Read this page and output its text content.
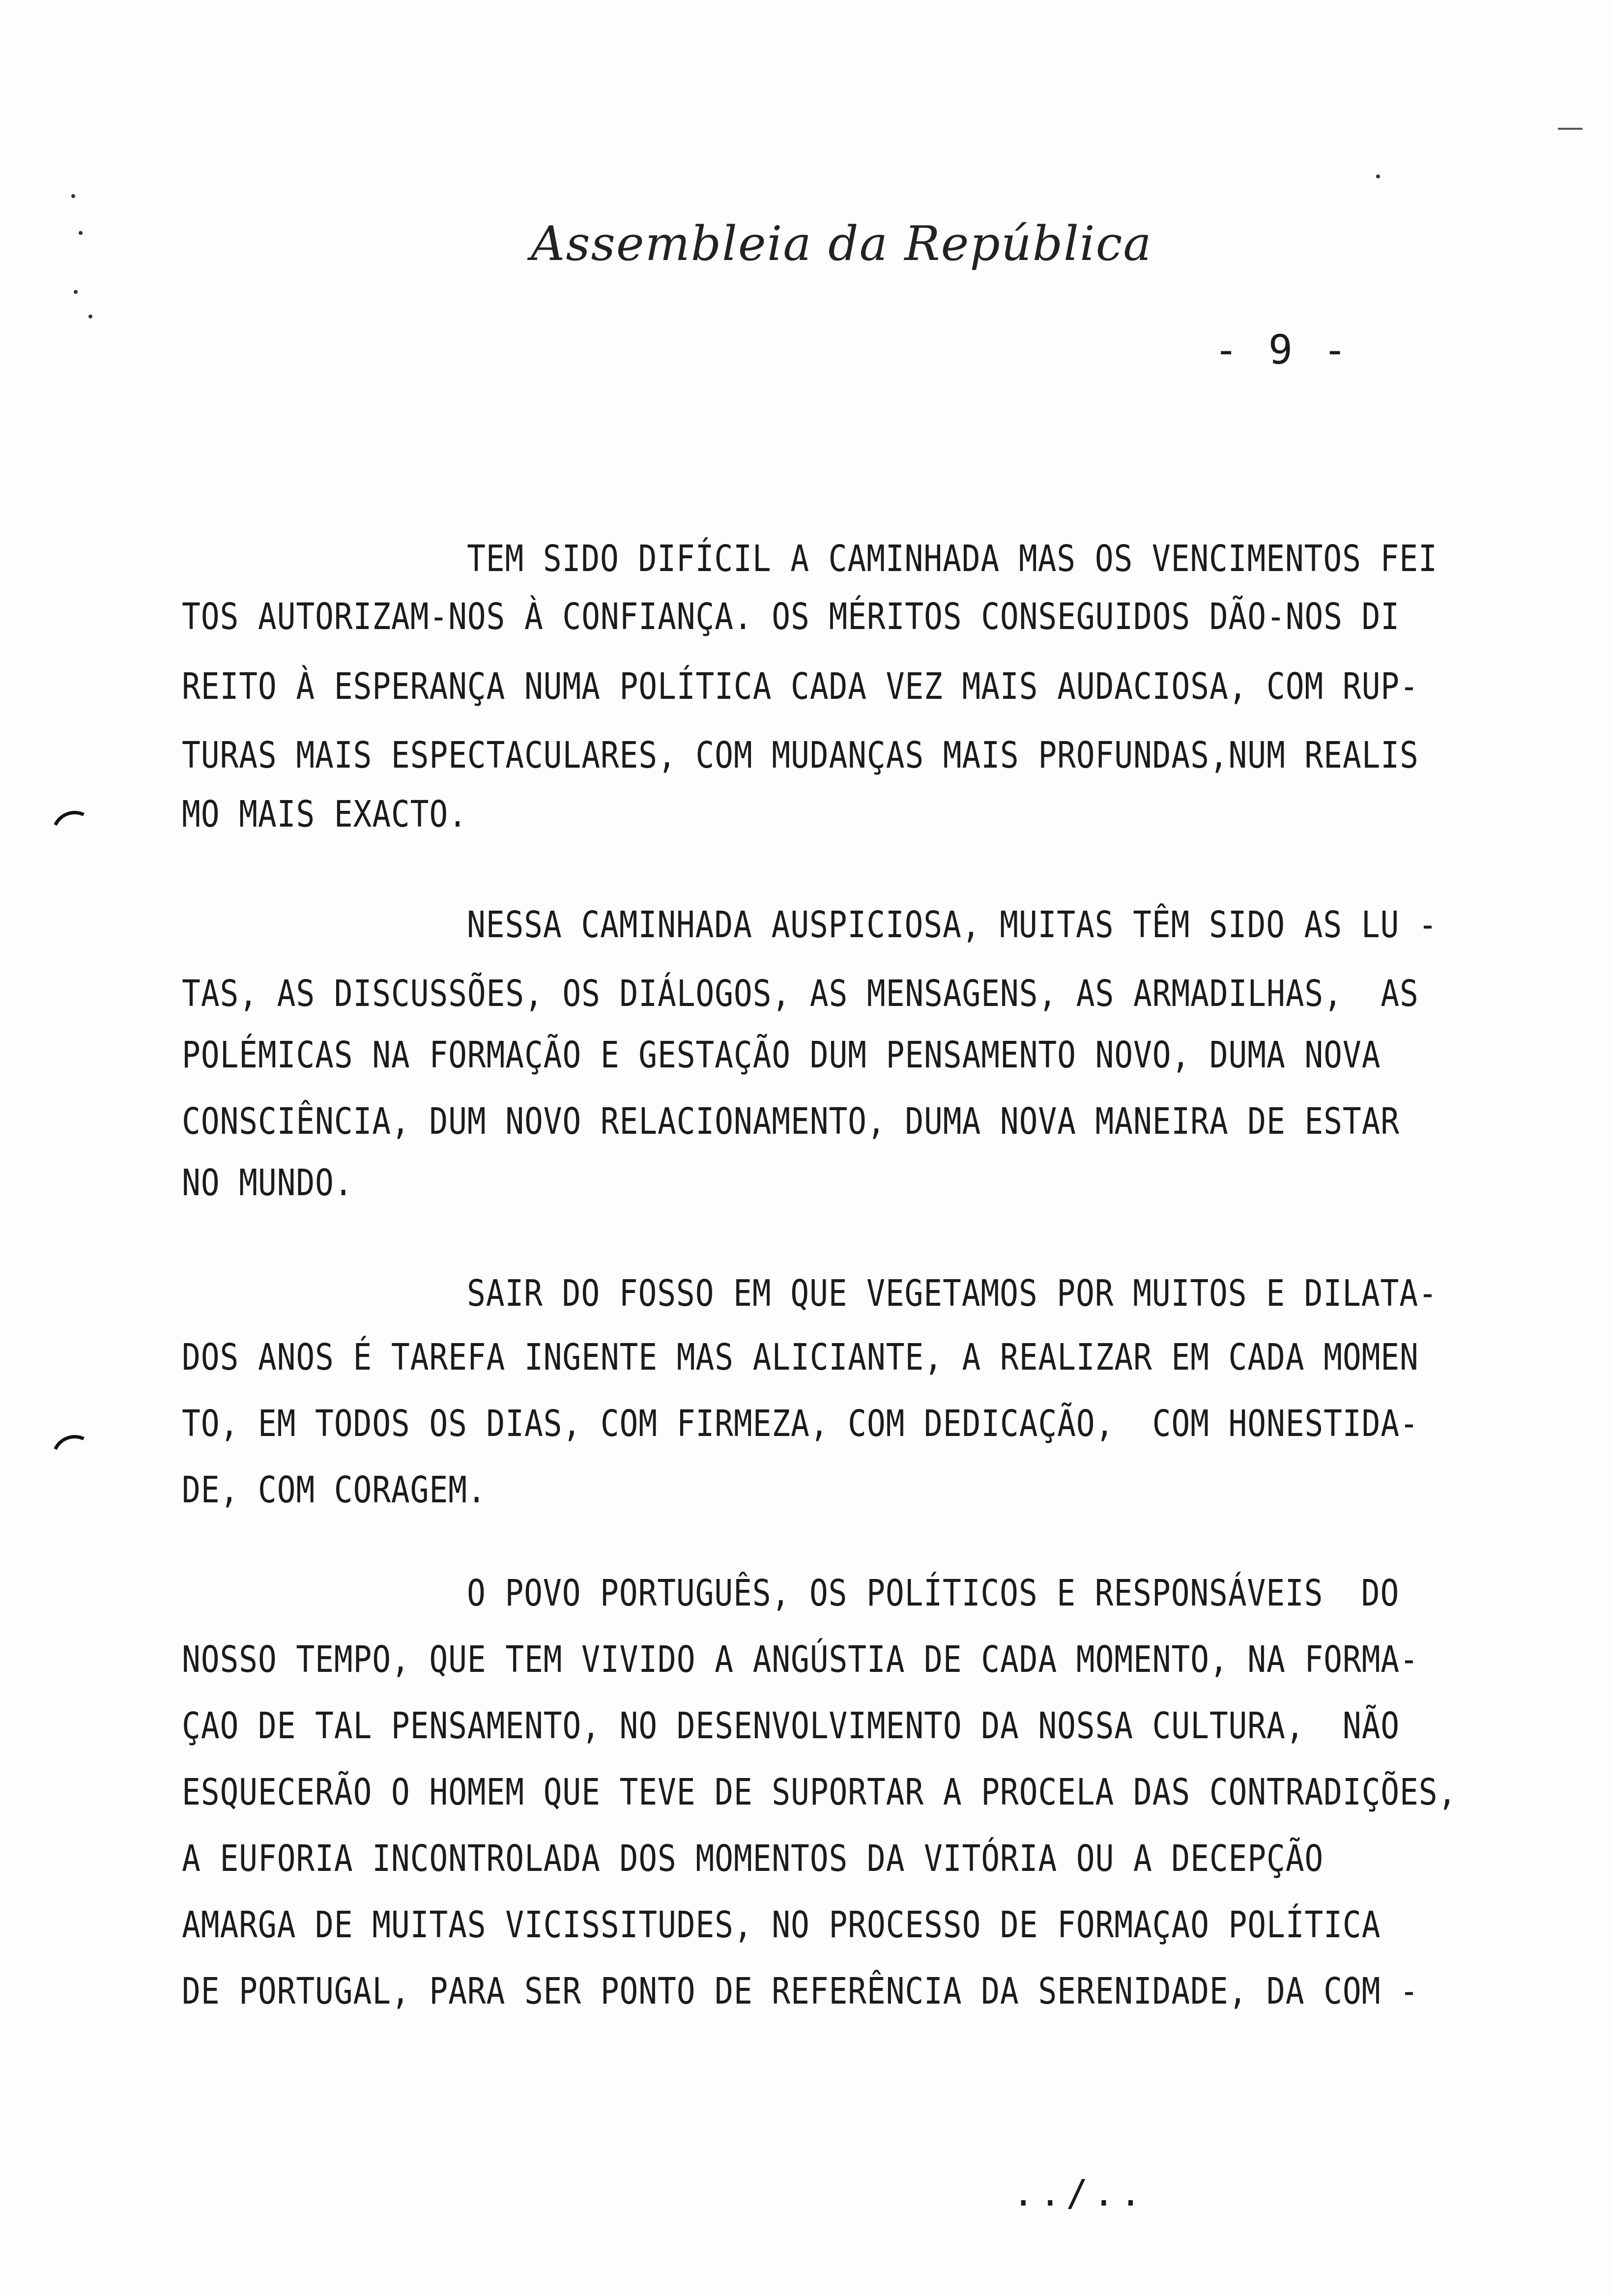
Assembleia da República
- 9 -
TEM SIDO DIFÍCIL A CAMINHADA MAS OS VENCIMENTOS FEI
TOS AUTORIZAM-NOS À CONFIANÇA. OS MÉRITOS CONSEGUIDOS DÃO-NOS DI
REITO À ESPERANÇA NUMA POLÍTICA CADA VEZ MAIS AUDACIOSA, COM RUP-
TURAS MAIS ESPECTACULARES, COM MUDANÇAS MAIS PROFUNDAS,NUM REALIS
MO MAIS EXACTO.
NESSA CAMINHADA AUSPICIOSA, MUITAS TÊM SIDO AS LU -
TAS, AS DISCUSSÕES, OS DIÁLOGOS, AS MENSAGENS, AS ARMADILHAS,  AS
POLÉMICAS NA FORMAÇÃO E GESTAÇÃO DUM PENSAMENTO NOVO, DUMA NOVA
CONSCIÊNCIA, DUM NOVO RELACIONAMENTO, DUMA NOVA MANEIRA DE ESTAR
NO MUNDO.
SAIR DO FOSSO EM QUE VEGETAMOS POR MUITOS E DILATA-
DOS ANOS É TAREFA INGENTE MAS ALICIANTE, A REALIZAR EM CADA MOMEN
TO, EM TODOS OS DIAS, COM FIRMEZA, COM DEDICAÇÃO,  COM HONESTIDA-
DE, COM CORAGEM.
O POVO PORTUGUÊS, OS POLÍTICOS E RESPONSÁVEIS  DO
NOSSO TEMPO, QUE TEM VIVIDO A ANGÚSTIA DE CADA MOMENTO, NA FORMA-
ÇAO DE TAL PENSAMENTO, NO DESENVOLVIMENTO DA NOSSA CULTURA,  NÃO
ESQUECERÃO O HOMEM QUE TEVE DE SUPORTAR A PROCELA DAS CONTRADIÇÕES,
A EUFORIA INCONTROLADA DOS MOMENTOS DA VITÓRIA OU A DECEPÇÃO
AMARGA DE MUITAS VICISSITUDES, NO PROCESSO DE FORMAÇAO POLÍTICA
DE PORTUGAL, PARA SER PONTO DE REFERÊNCIA DA SERENIDADE, DA COM -
../..
